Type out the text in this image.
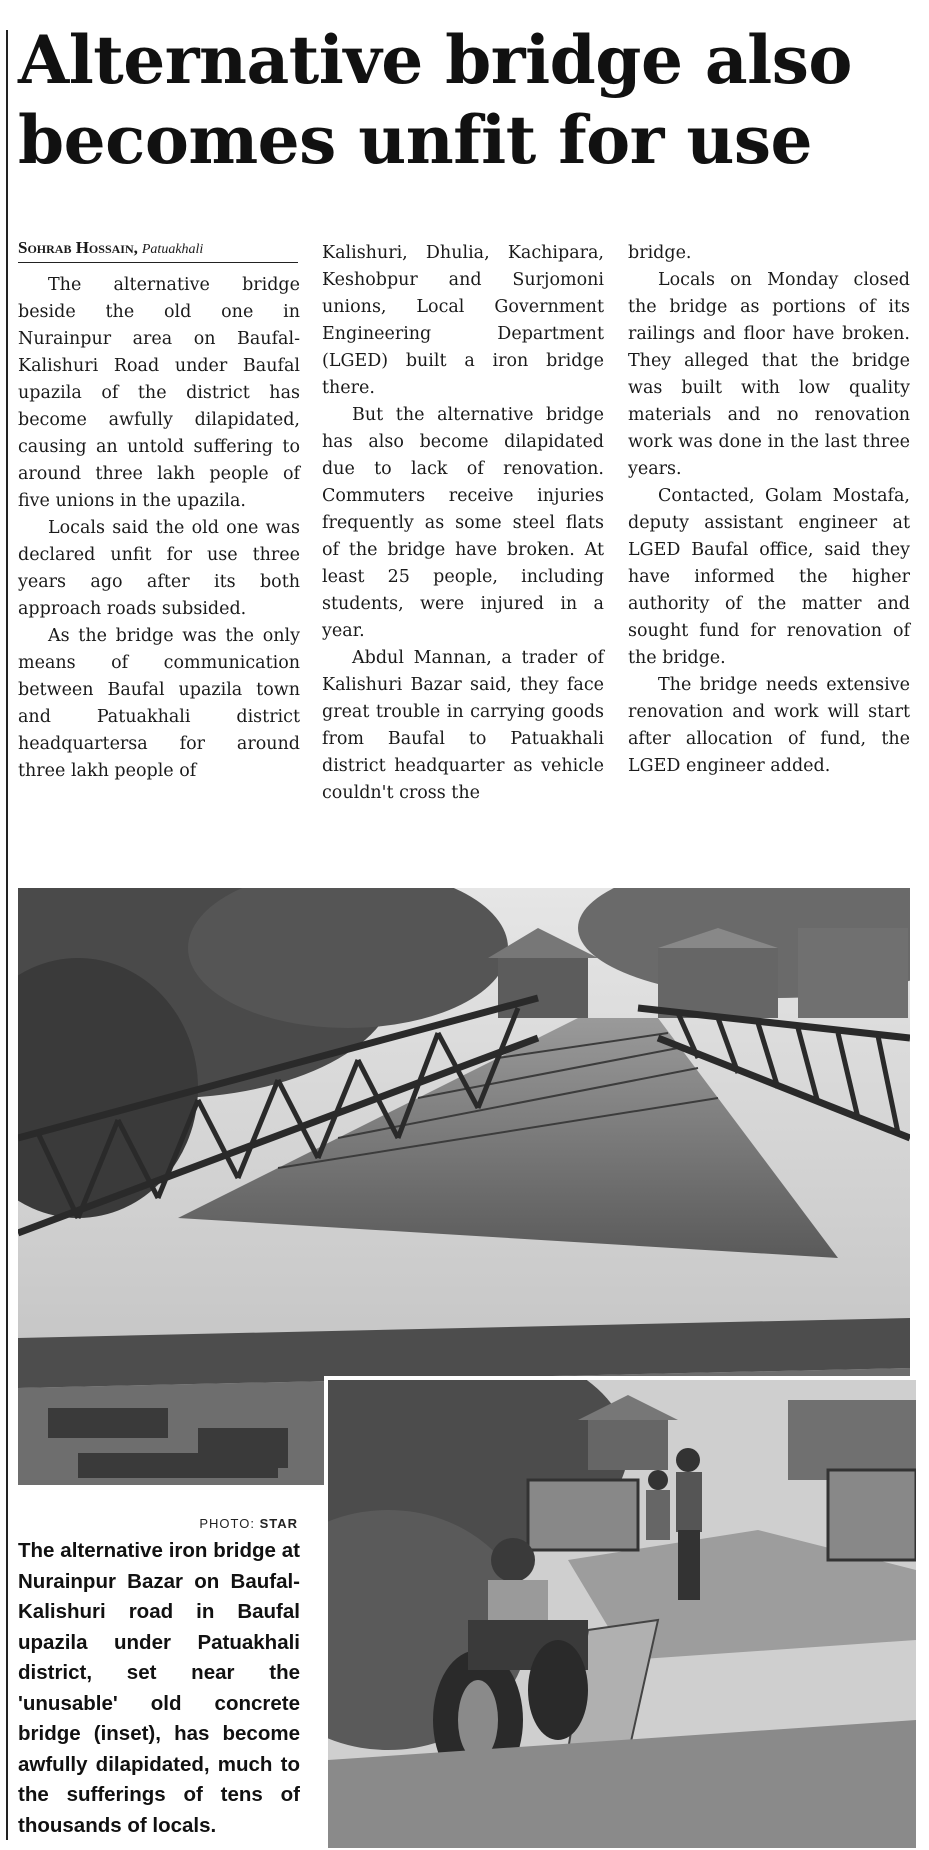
Alternative bridge also becomes unfit for use
Sohrab Hossain, Patuakhali

The alternative bridge beside the old one in Nurainpur area on Baufal-Kalishuri Road under Baufal upazila of the district has become awfully dilapidated, causing an untold suffering to around three lakh people of five unions in the upazila.

Locals said the old one was declared unfit for use three years ago after its both approach roads subsided.

As the bridge was the only means of communication between Baufal upazila town and Patuakhali district headquartersa for around three lakh people of

Kalishuri, Dhulia, Kachipara, Keshobpur and Surjomoni unions, Local Government Engineering Department (LGED) built a iron bridge there.

But the alternative bridge has also become dilapidated due to lack of renovation. Commuters receive injuries frequently as some steel flats of the bridge have broken. At least 25 people, including students, were injured in a year.

Abdul Mannan, a trader of Kalishuri Bazar said, they face great trouble in carrying goods from Baufal to Patuakhali district headquarter as vehicle couldn't cross the

bridge.

Locals on Monday closed the bridge as portions of its railings and floor have broken. They alleged that the bridge was built with low quality materials and no renovation work was done in the last three years.

Contacted, Golam Mostafa, deputy assistant engineer at LGED Baufal office, said they have informed the higher authority of the matter and sought fund for renovation of the bridge.

The bridge needs extensive renovation and work will start after allocation of fund, the LGED engineer added.

PHOTO: STAR
The alternative iron bridge at Nurainpur Bazar on Baufal-Kalishuri road in Baufal upazila under Patuakhali district, set near the 'unusable' old concrete bridge (inset), has become awfully dilapidated, much to the sufferings of tens of thousands of locals.
